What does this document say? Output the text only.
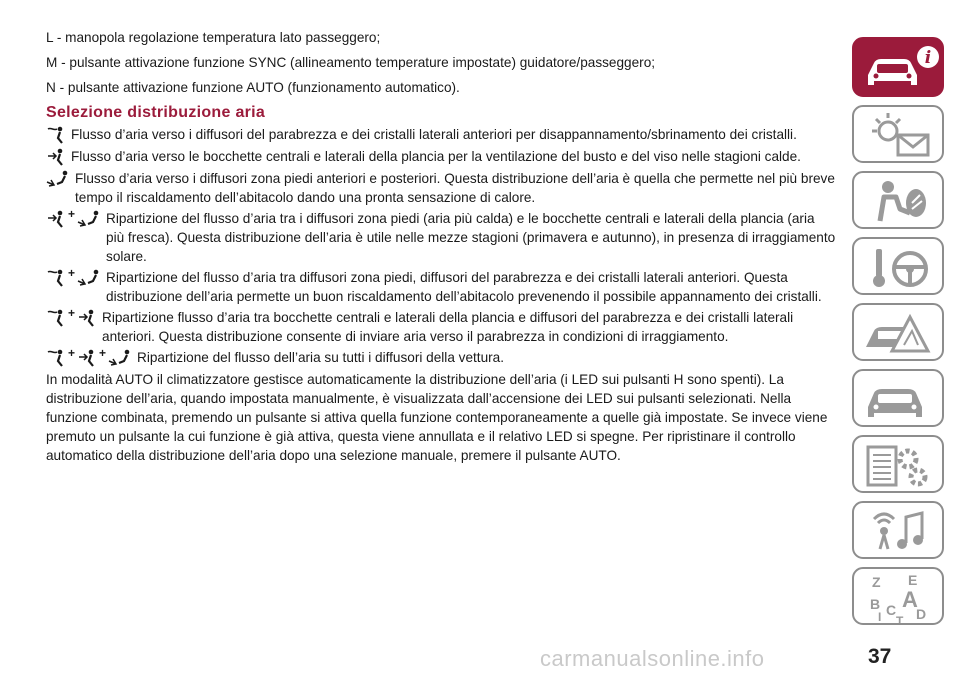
L - manopola regolazione temperatura lato passeggero;

M - pulsante attivazione funzione SYNC (allineamento temperature impostate) guidatore/passeggero;

N - pulsante attivazione funzione AUTO (funzionamento automatico).

Selezione distribuzione aria
Flusso d’aria verso i diffusori del parabrezza e dei cristalli laterali anteriori per disappannamento/sbrinamento dei cristalli.
Flusso d’aria verso le bocchette centrali e laterali della plancia per la ventilazione del busto e del viso nelle stagioni calde.
Flusso d’aria verso i diffusori zona piedi anteriori e posteriori. Questa distribuzione dell’aria è quella che permette nel più breve tempo il riscaldamento dell’abitacolo dando una pronta sensazione di calore.
+	Ripartizione del flusso d’aria tra i diffusori zona piedi (aria più calda) e le bocchette centrali e laterali della plancia (aria più fresca). Questa distribuzione dell’aria è utile nelle mezze stagioni (primavera e autunno), in presenza di irraggiamento solare.
+	Ripartizione del flusso d’aria tra diffusori zona piedi, diffusori del parabrezza e dei cristalli laterali anteriori. Questa distribuzione dell’aria permette un buon riscaldamento dell’abitacolo prevenendo il possibile appannamento dei cristalli.
+	Ripartizione flusso d’aria tra bocchette centrali e laterali della plancia e diffusori del parabrezza e dei cristalli laterali anteriori. Questa distribuzione consente di inviare aria verso il parabrezza in condizioni di irraggiamento.
+ +	Ripartizione del flusso dell’aria su tutti i diffusori della vettura.

In modalità AUTO il climatizzatore gestisce automaticamente la distribuzione dell’aria (i LED sui pulsanti H sono spenti). La distribuzione dell’aria, quando impostata manualmente, è visualizzata dall’accensione dei LED sui pulsanti selezionati. Nella funzione combinata, premendo un pulsante si attiva quella funzione contemporaneamente a quelle già impostate. Se invece viene premuto un pulsante la cui funzione è già attiva, questa viene annullata e il relativo LED si spegne. Per ripristinare il controllo automatico della distribuzione dell’aria dopo una selezione manuale, premere il pulsante AUTO.

i
Z E
B A
I C
T D
carmanualsonline.info	37
